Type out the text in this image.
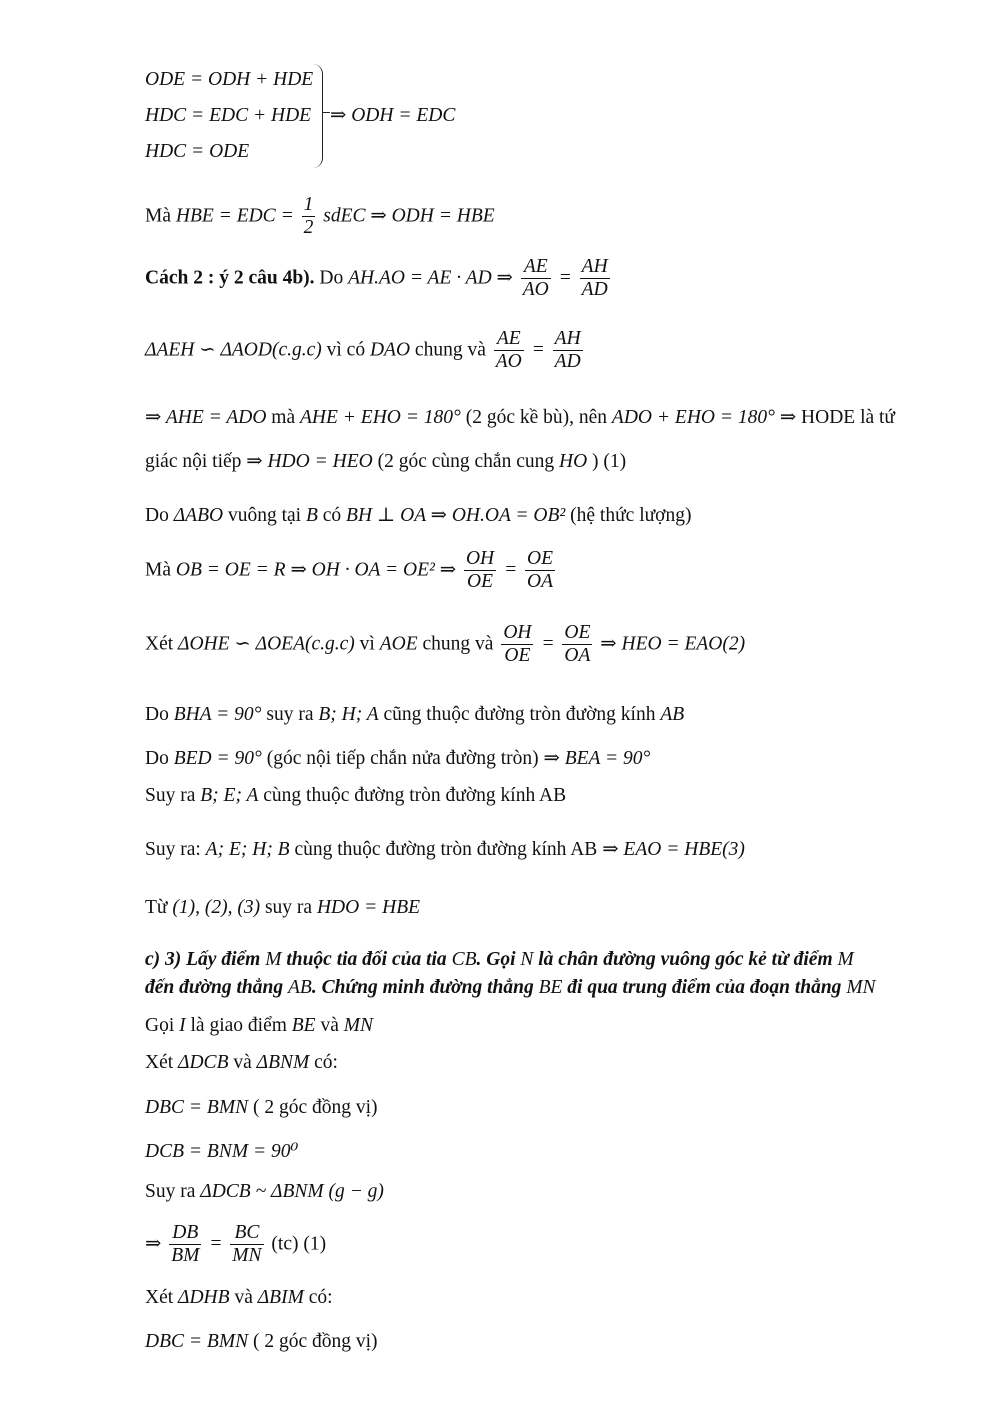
ODE = ODH + HDE
HDC = EDC + HDE
HDC = ODE
⇒ ODH = EDC
Mà HBE = EDC = $\frac{1}{2}$ sdEC ⇒ ODH = HBE
Cách 2 : ý 2 câu 4b). Do AH.AO = AE · AD ⇒ $\frac{AE}{AO} = \frac{AH}{AD}$
ΔAEH ∽ ΔAOD(c.g.c) vì có DAO chung và $\frac{AE}{AO} = \frac{AH}{AD}$
⇒ AHE = ADO mà AHE + EHO = 180° (2 góc kề bù), nên ADO + EHO = 180° ⇒ HODE là tứ
giác nội tiếp ⇒ HDO = HEO (2 góc cùng chắn cung HO ) (1)
Do ΔABO vuông tại B có BH ⊥ OA ⇒ OH.OA = OB² (hệ thức lượng)
Mà OB = OE = R ⇒ OH · OA = OE² ⇒ $\frac{OH}{OE} = \frac{OE}{OA}$
Xét ΔOHE ∽ ΔOEA(c.g.c) vì AOE chung và $\frac{OH}{OE} = \frac{OE}{OA}$ ⇒ HEO = EAO(2)
Do BHA = 90° suy ra B; H; A cũng thuộc đường tròn đường kính AB
Do BED = 90° (góc nội tiếp chắn nửa đường tròn) ⇒ BEA = 90°
Suy ra B; E; A cùng thuộc đường tròn đường kính AB
Suy ra: A; E; H; B cùng thuộc đường tròn đường kính AB ⇒ EAO = HBE(3)
Từ (1), (2), (3) suy ra HDO = HBE
c) 3) Lấy điểm M thuộc tia đối của tia CB. Gọi N là chân đường vuông góc kẻ từ điểm M
đến đường thẳng AB. Chứng minh đường thẳng BE đi qua trung điểm của đoạn thẳng MN
Gọi I là giao điểm BE và MN
Xét ΔDCB và ΔBNM có:
DBC = BMN ( 2 góc đồng vị)
DCB = BNM = 90⁰
Suy ra ΔDCB ~ ΔBNM (g − g)
⇒ $\frac{DB}{BM} = \frac{BC}{MN} (tc)$ (1)
Xét ΔDHB và ΔBIM có:
DBC = BMN ( 2 góc đồng vị)
